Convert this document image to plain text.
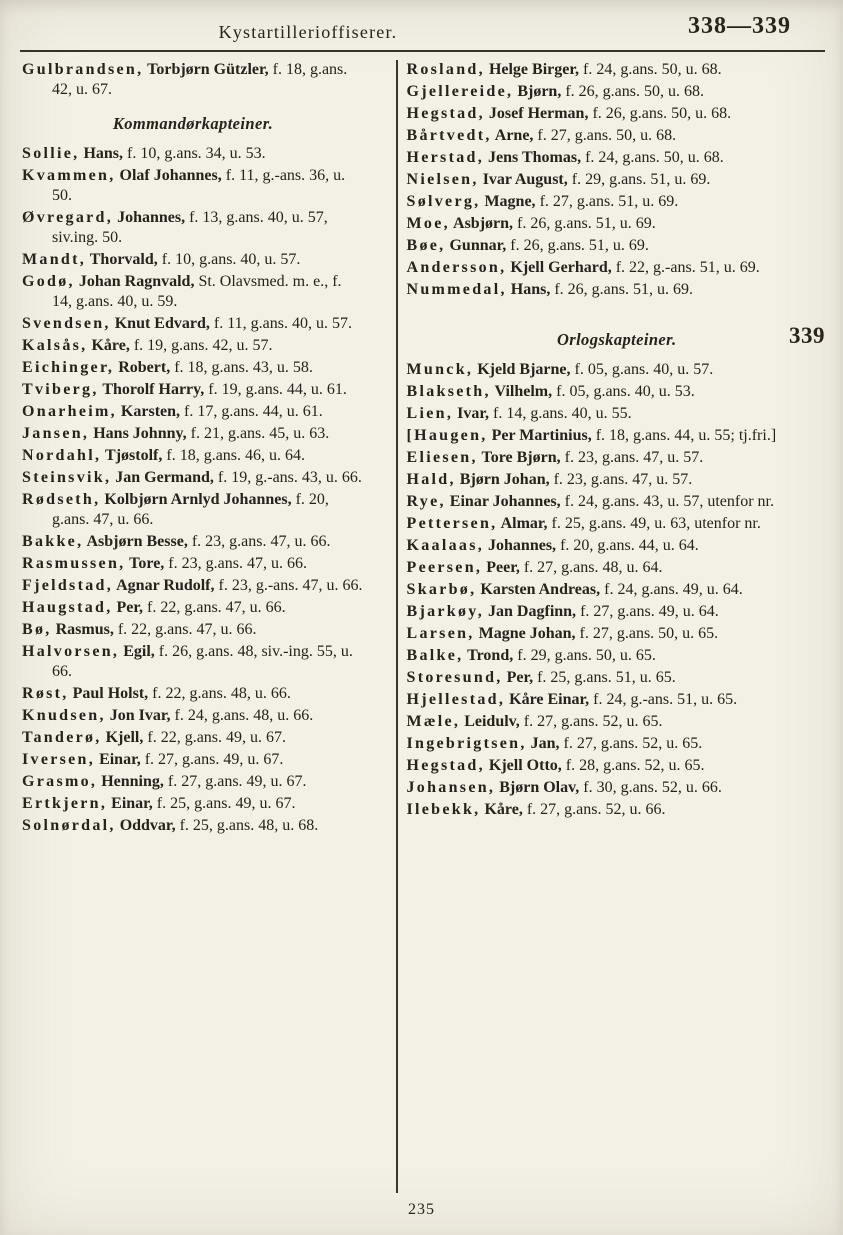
Kystartillerioffiserer.	338—339

Gulbrandsen, Torbjørn Gützler, f. 18, g.ans. 42, u. 67.

Kommandørkapteiner.

Sollie, Hans, f. 10, g.ans. 34, u. 53.

Kvammen, Olaf Johannes, f. 11, g.-ans. 36, u. 50.

Øvregard, Johannes, f. 13, g.ans. 40, u. 57, siv.ing. 50.

Mandt, Thorvald, f. 10, g.ans. 40, u. 57.

Godø, Johan Ragnvald, St. Olavsmed. m. e., f. 14, g.ans. 40, u. 59.

Svendsen, Knut Edvard, f. 11, g.ans. 40, u. 57.

Kalsås, Kåre, f. 19, g.ans. 42, u. 57.

Eichinger, Robert, f. 18, g.ans. 43, u. 58.

Tviberg, Thorolf Harry, f. 19, g.ans. 44, u. 61.

Onarheim, Karsten, f. 17, g.ans. 44, u. 61.

Jansen, Hans Johnny, f. 21, g.ans. 45, u. 63.

Nordahl, Tjøstolf, f. 18, g.ans. 46, u. 64.

Steinsvik, Jan Germand, f. 19, g.-ans. 43, u. 66.

Rødseth, Kolbjørn Arnlyd Johannes, f. 20, g.ans. 47, u. 66.

Bakke, Asbjørn Besse, f. 23, g.ans. 47, u. 66.

Rasmussen, Tore, f. 23, g.ans. 47, u. 66.

Fjeldstad, Agnar Rudolf, f. 23, g.-ans. 47, u. 66.

Haugstad, Per, f. 22, g.ans. 47, u. 66.

Bø, Rasmus, f. 22, g.ans. 47, u. 66.

Halvorsen, Egil, f. 26, g.ans. 48, siv.-ing. 55, u. 66.

Røst, Paul Holst, f. 22, g.ans. 48, u. 66.

Knudsen, Jon Ivar, f. 24, g.ans. 48, u. 66.

Tanderø, Kjell, f. 22, g.ans. 49, u. 67.

Iversen, Einar, f. 27, g.ans. 49, u. 67.

Grasmo, Henning, f. 27, g.ans. 49, u. 67.

Ertkjern, Einar, f. 25, g.ans. 49, u. 67.

Solnørdal, Oddvar, f. 25, g.ans. 48, u. 68.

Rosland, Helge Birger, f. 24, g.ans. 50, u. 68.

Gjellereide, Bjørn, f. 26, g.ans. 50, u. 68.

Hegstad, Josef Herman, f. 26, g.ans. 50, u. 68.

Bårtvedt, Arne, f. 27, g.ans. 50, u. 68.

Herstad, Jens Thomas, f. 24, g.ans. 50, u. 68.

Nielsen, Ivar August, f. 29, g.ans. 51, u. 69.

Sølverg, Magne, f. 27, g.ans. 51, u. 69.

Moe, Asbjørn, f. 26, g.ans. 51, u. 69.

Bøe, Gunnar, f. 26, g.ans. 51, u. 69.

Andersson, Kjell Gerhard, f. 22, g.-ans. 51, u. 69.

Nummedal, Hans, f. 26, g.ans. 51, u. 69.

Orlogskapteiner.	339

Munck, Kjeld Bjarne, f. 05, g.ans. 40, u. 57.

Blakseth, Vilhelm, f. 05, g.ans. 40, u. 53.

Lien, Ivar, f. 14, g.ans. 40, u. 55.

[Haugen, Per Martinius, f. 18, g.ans. 44, u. 55; tj.fri.]

Eliesen, Tore Bjørn, f. 23, g.ans. 47, u. 57.

Hald, Bjørn Johan, f. 23, g.ans. 47, u. 57.

Rye, Einar Johannes, f. 24, g.ans. 43, u. 57, utenfor nr.

Pettersen, Almar, f. 25, g.ans. 49, u. 63, utenfor nr.

Kaalaas, Johannes, f. 20, g.ans. 44, u. 64.

Peersen, Peer, f. 27, g.ans. 48, u. 64.

Skarbø, Karsten Andreas, f. 24, g.ans. 49, u. 64.

Bjarkøy, Jan Dagfinn, f. 27, g.ans. 49, u. 64.

Larsen, Magne Johan, f. 27, g.ans. 50, u. 65.

Balke, Trond, f. 29, g.ans. 50, u. 65.

Storesund, Per, f. 25, g.ans. 51, u. 65.

Hjellestad, Kåre Einar, f. 24, g.-ans. 51, u. 65.

Mæle, Leidulv, f. 27, g.ans. 52, u. 65.

Ingebrigtsen, Jan, f. 27, g.ans. 52, u. 65.

Hegstad, Kjell Otto, f. 28, g.ans. 52, u. 65.

Johansen, Bjørn Olav, f. 30, g.ans. 52, u. 66.

Ilebekk, Kåre, f. 27, g.ans. 52, u. 66.

235
